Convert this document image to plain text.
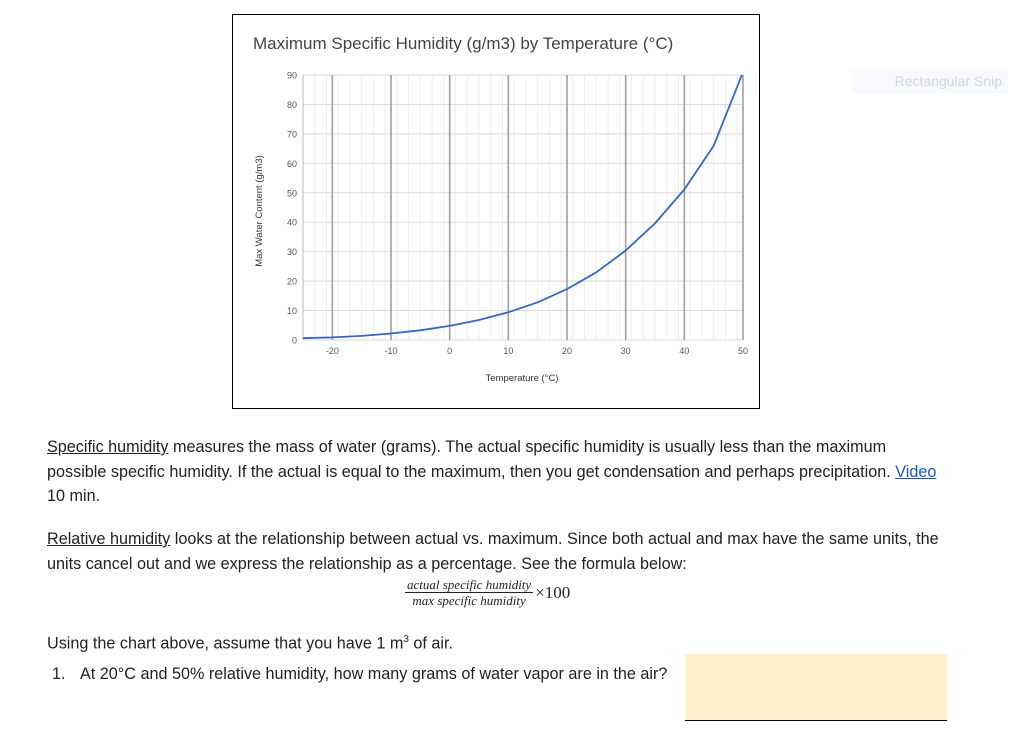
Maximum Specific Humidity (g/m3) by Temperature (°C)
Max Water Content (g/m3)
Temperature (°C)
0
10
20
30
40
50
60
70
80
90
-20	-10	0	10	20	30	40	50
Rectangular Snip
Specific humidity measures the mass of water (grams). The actual specific humidity is usually less than the maximum possible specific humidity. If the actual is equal to the maximum, then you get condensation and perhaps precipitation. Video 10 min.
Relative humidity looks at the relationship between actual vs. maximum. Since both actual and max have the same units, the units cancel out and we express the relationship as a percentage. See the formula below:
$\frac{\text{actual specific humidity}}{\text{max specific humidity}} \times 100$
Using the chart above, assume that you have 1 $m^3$ of air.
1. At 20°C and 50% relative humidity, how many grams of water vapor are in the air?
